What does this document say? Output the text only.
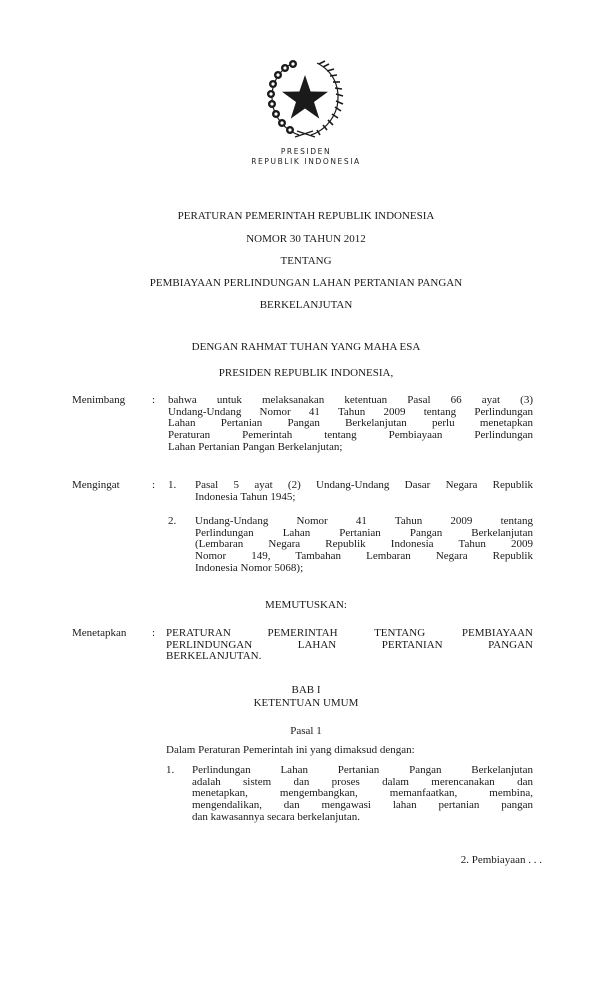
PRESIDEN
REPUBLIK INDONESIA
PERATURAN PEMERINTAH REPUBLIK INDONESIA
NOMOR 30 TAHUN 2012
TENTANG
PEMBIAYAAN PERLINDUNGAN LAHAN PERTANIAN PANGAN
BERKELANJUTAN
DENGAN RAHMAT TUHAN YANG MAHA ESA
PRESIDEN REPUBLIK INDONESIA,
Menimbang : bahwa untuk melaksanakan ketentuan Pasal 66 ayat (3)
Undang-Undang Nomor 41 Tahun 2009 tentang Perlindungan
Lahan Pertanian Pangan Berkelanjutan perlu menetapkan
Peraturan Pemerintah tentang Pembiayaan Perlindungan
Lahan Pertanian Pangan Berkelanjutan;
Mengingat	: 1. Pasal 5 ayat (2) Undang-Undang Dasar Negara Republik
Indonesia Tahun 1945;
2. Undang-Undang Nomor 41 Tahun 2009 tentang
Perlindungan Lahan Pertanian Pangan Berkelanjutan
(Lembaran Negara Republik Indonesia Tahun 2009
Nomor 149, Tambahan Lembaran Negara Republik
Indonesia Nomor 5068);
MEMUTUSKAN:
Menetapkan : PERATURAN PEMERINTAH TENTANG PEMBIAYAAN
PERLINDUNGAN LAHAN PERTANIAN PANGAN
BERKELANJUTAN.
BAB I
KETENTUAN UMUM
Pasal 1
Dalam Peraturan Pemerintah ini yang dimaksud dengan:
1. Perlindungan Lahan Pertanian Pangan Berkelanjutan
adalah sistem dan proses dalam merencanakan dan
menetapkan, mengembangkan, memanfaatkan, membina,
mengendalikan, dan mengawasi lahan pertanian pangan
dan kawasannya secara berkelanjutan.
2. Pembiayaan . . .
